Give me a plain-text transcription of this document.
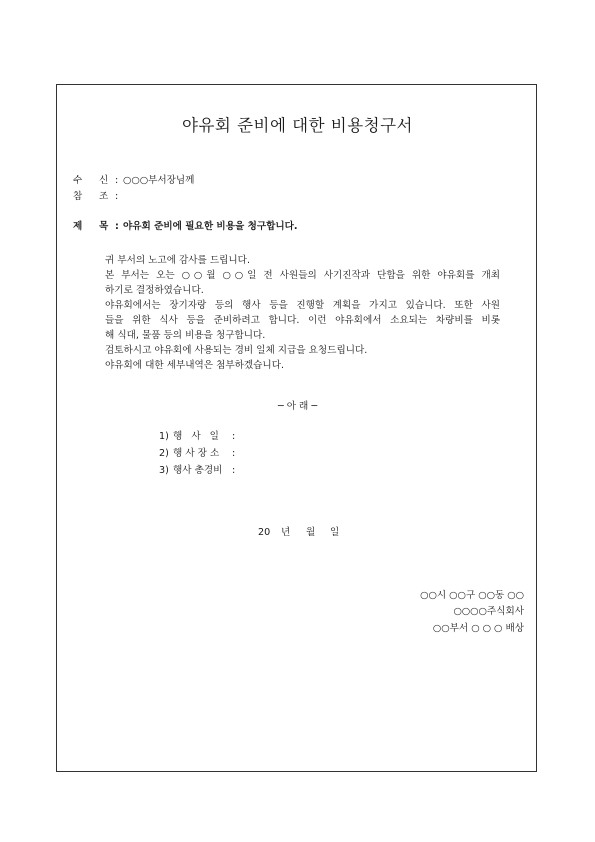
야유회 준비에 대한 비용청구서
수 신 : ○○○부서장님께
참 조 :
제 목 : 야유회 준비에 필요한 비용을 청구합니다.
귀 부서의 노고에 감사를 드립니다.
본 부서는 오는 ○○월 ○○일 전 사원들의 사기진작과 단합을 위한 야유회를 개최
하기로 결정하였습니다.
야유회에서는 장기자랑 등의 행사 등을 진행할 계획을 가지고 있습니다. 또한 사원
들을 위한 식사 등을 준비하려고 합니다. 이런 야유회에서 소요되는 차량비를 비롯
해 식대, 물품 등의 비용을 청구합니다.
검토하시고 야유회에 사용되는 경비 일체 지급을 요청드립니다.
야유회에 대한 세부내역은 첨부하겠습니다.
─ 아 래 ─
1) 행 사 일 :
2) 행 사 장 소 :
3) 행사 총경비 :
20 년 월 일
○○시 ○○구 ○○동 ○○
○○○○주식회사
○○부서 ○ ○ ○ 배상
